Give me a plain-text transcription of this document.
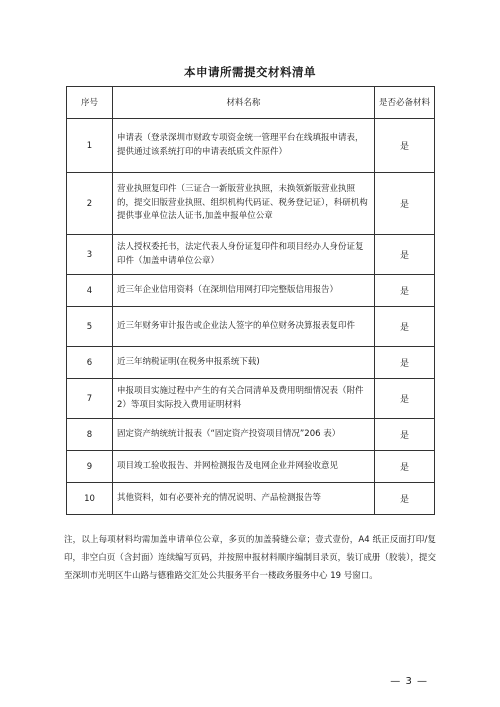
本申请所需提交材料清单
序号	材料名称	是否必备材料
1	申请表（登录深圳市财政专项资金统一管理平台在线填报申请表，提供通过该系统打印的申请表纸质文件原件）	是
2	营业执照复印件（三证合一新版营业执照，未换领新版营业执照的，提交旧版营业执照、组织机构代码证、税务登记证），科研机构提供事业单位法人证书,加盖申报单位公章	是
3	法人授权委托书，法定代表人身份证复印件和项目经办人身份证复印件（加盖申请单位公章）	是
4	近三年企业信用资料（在深圳信用网打印完整版信用报告）	是
5	近三年财务审计报告或企业法人签字的单位财务决算报表复印件	是
6	近三年纳税证明(在税务申报系统下载)	是
7	申报项目实施过程中产生的有关合同清单及费用明细情况表（附件 2）等项目实际投入费用证明材料	是
8	固定资产纳统统计报表（“固定资产投资项目情况”206 表）	是
9	项目竣工验收报告、并网检测报告及电网企业并网验收意见	是
10	其他资料，如有必要补充的情况说明、产品检测报告等	是
注，以上每项材料均需加盖申请单位公章，多页的加盖骑缝公章；壹式壹份，A4 纸正反面打印/复印，非空白页（含封面）连续编写页码，并按照申报材料顺序编制目录页，装订成册（胶装），提交至深圳市光明区牛山路与德雅路交汇处公共服务平台一楼政务服务中心 19 号窗口。
— 3 —
